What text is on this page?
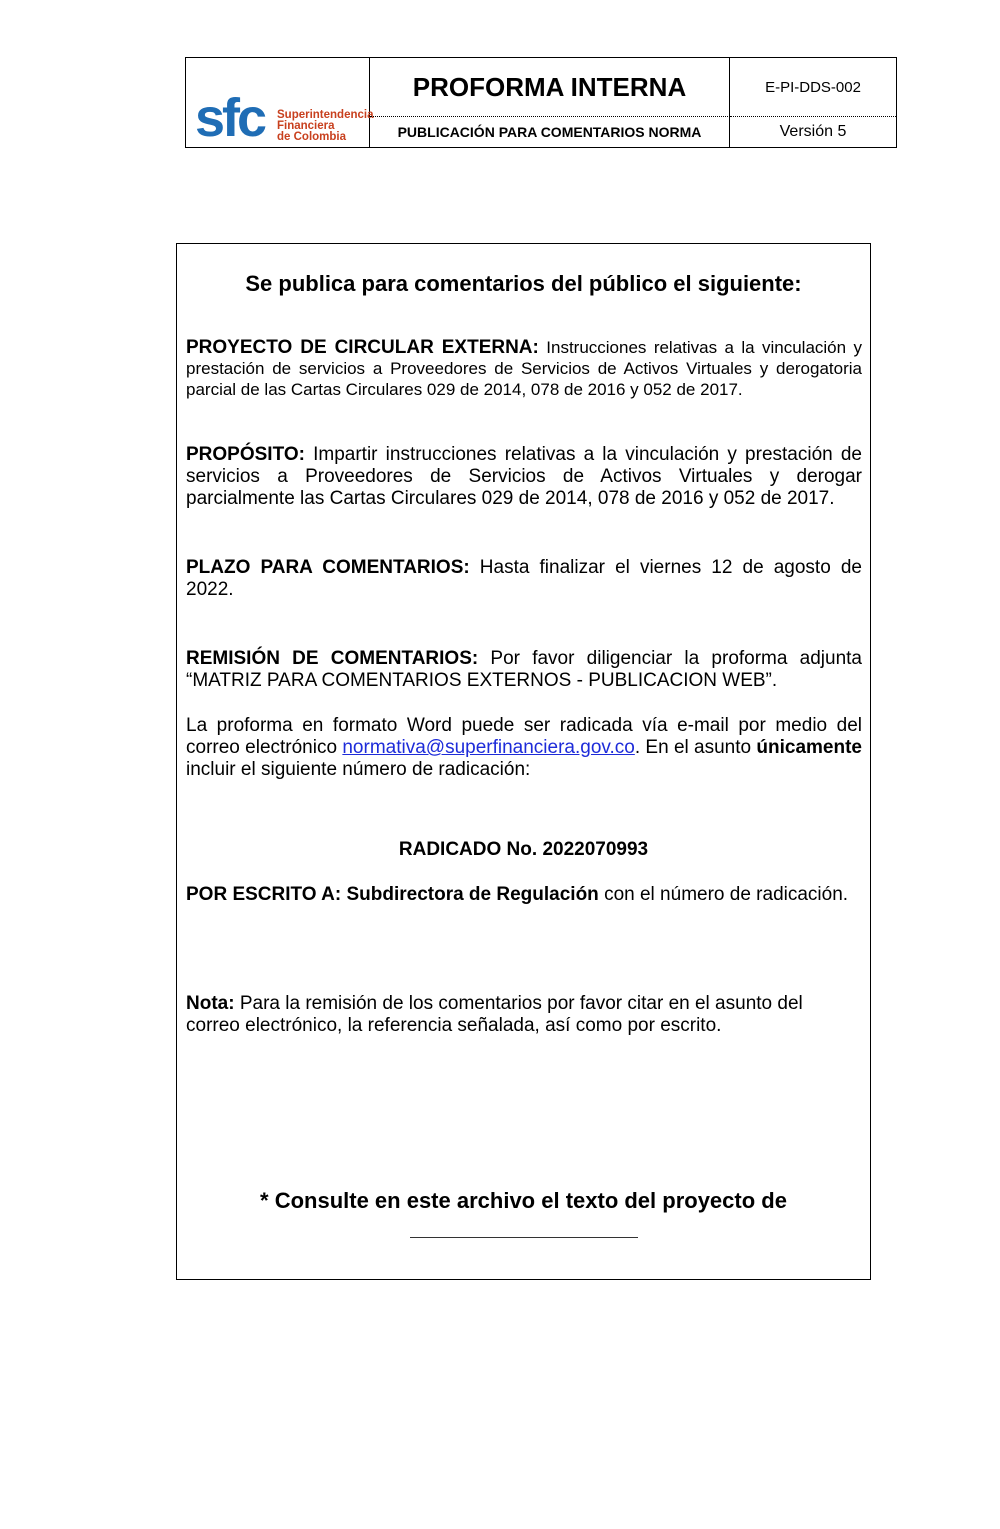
sfc Superintendencia
Financiera
de Colombia
PROFORMA INTERNA
PUBLICACIÓN PARA COMENTARIOS NORMA
E-PI-DDS-002
Versión 5
Se publica para comentarios del público el siguiente:
PROYECTO DE CIRCULAR EXTERNA: Instrucciones relativas a la vinculación y prestación de servicios a Proveedores de Servicios de Activos Virtuales y derogatoria parcial de las Cartas Circulares 029 de 2014, 078 de 2016 y 052 de 2017.
PROPÓSITO: Impartir instrucciones relativas a la vinculación y prestación de servicios a Proveedores de Servicios de Activos Virtuales y derogar parcialmente las Cartas Circulares 029 de 2014, 078 de 2016 y 052 de 2017.
PLAZO PARA COMENTARIOS: Hasta finalizar el viernes 12 de agosto de 2022.
REMISIÓN DE COMENTARIOS: Por favor diligenciar la proforma adjunta “MATRIZ PARA COMENTARIOS EXTERNOS - PUBLICACION WEB”.
La proforma en formato Word puede ser radicada vía e-mail por medio del correo electrónico normativa@superfinanciera.gov.co. En el asunto únicamente incluir el siguiente número de radicación:
RADICADO No. 2022070993
POR ESCRITO A: Subdirectora de Regulación con el número de radicación.
Nota: Para la remisión de los comentarios por favor citar en el asunto del correo electrónico, la referencia señalada, así como por escrito.
* Consulte en este archivo el texto del proyecto de
